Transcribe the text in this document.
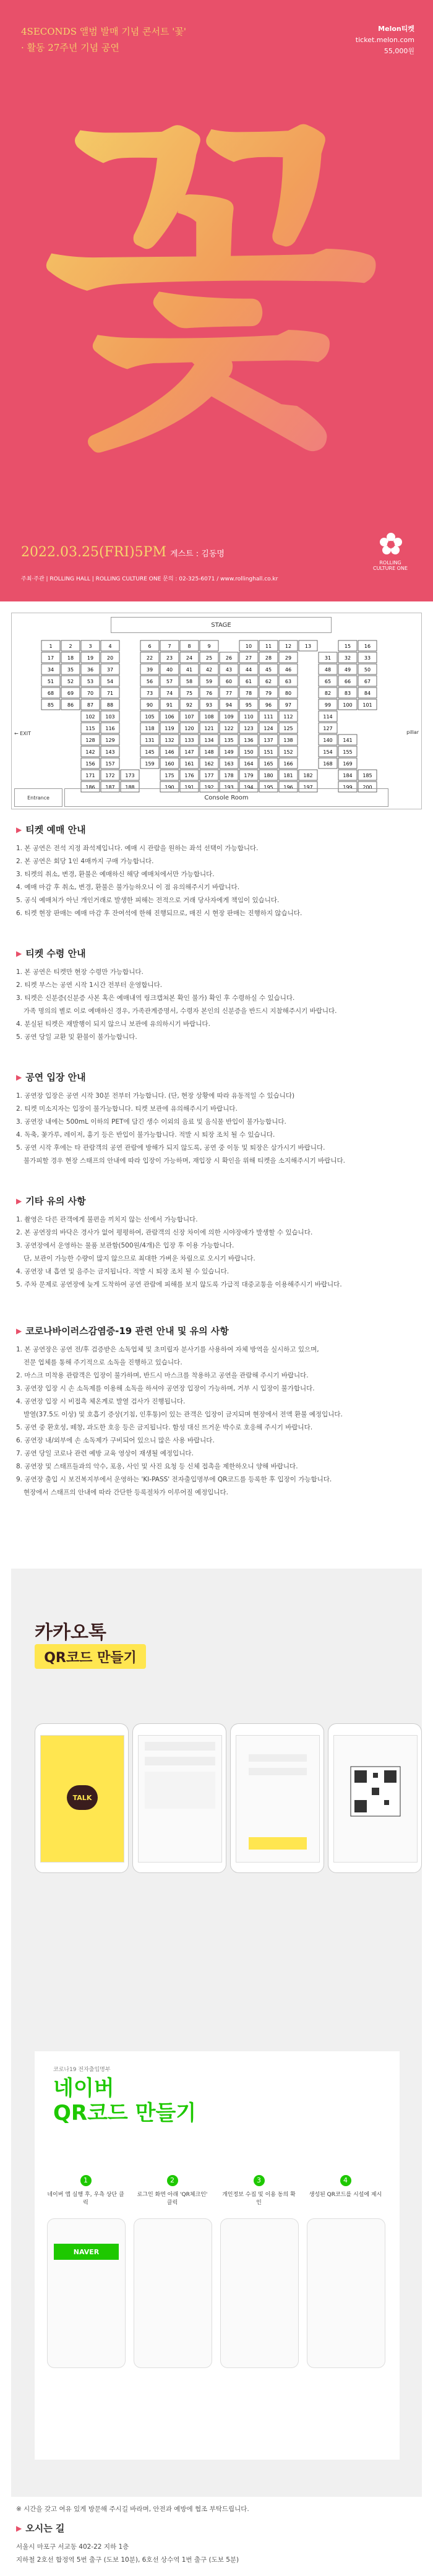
4SECONDS 앨범 발매 기념 콘서트 '꽃'
· 활동 27주년 기념 공연
Melon티켓
ticket.melon.com
55,000원
꽃
2022.03.25(FRI)5PM 게스트 : 김동명
주최·주관 | ROLLING HALL | ROLLING CULTURE ONE 문의 : 02-325-6071 / www.rollinghall.co.kr
ROLLING CULTURE ONE
STAGE
1	2	3	4	6	7	8	9	10	11	12	13	15	16
17	18	19	20	22	23	24	25	26	27	28	29	31	32	33
34	35	36	37	39	40	41	42	43	44	45	46	48	49	50
51	52	53	54	56	57	58	59	60	61	62	63	65	66	67
68	69	70	71	73	74	75	76	77	78	79	80	82	83	84
85	86	87	88	90	91	92	93	94	95	96	97	99 100 101
102 103	105 106 107 108 109 110 111 112	114
115 116	118 119 120 121 122 123 124 125	127
128 129	131 132 133 134 135 136 137 138	140 141
142 143	145 146 147 148 149 150 151 152	154 155
156 157	159 160 161 162 163 164 165 166	168 169
171 172 173	175 176 177 178 179 180 181 182	184 185
186 187 188	190 191 192 193 194 195 196 197	199 200
← EXIT	pillar
Entrance	Console Room
▶ 티켓 예매 안내

1. 본 공연은 전석 지정 좌석제입니다. 예매 시 관람을 원하는 좌석 선택이 가능합니다.

2. 본 공연은 회당 1인 4매까지 구매 가능합니다.

3. 티켓의 취소, 변경, 환불은 예매하신 해당 예매처에서만 가능합니다.

4. 예매 마감 후 취소, 변경, 환불은 불가능하오니 이 점 유의해주시기 바랍니다.

5. 공식 예매처가 아닌 개인거래로 발생한 피해는 전적으로 거래 당사자에게 책임이 있습니다.

6. 티켓 현장 판매는 예매 마감 후 잔여석에 한해 진행되므로, 매진 시 현장 판매는 진행하지 않습니다.

▶ 티켓 수령 안내

1. 본 공연은 티켓만 현장 수령만 가능합니다.

2. 티켓 부스는 공연 시작 1시간 전부터 운영합니다.

3. 티켓은 신분증(신분증 사본 혹은 예매내역 링크캡쳐본 확인 불가) 확인 후 수령하실 수 있습니다.

가족 명의의 별로 이로 예매하신 경우, 가족관계증명서, 수령자 본인의 신분증을 반드시 지참해주시기 바랍니다.

4. 분실된 티켓은 재발행이 되지 않으니 보관에 유의하시기 바랍니다.

5. 공연 당일 교환 및 환불이 불가능합니다.

▶ 공연 입장 안내

1. 공연장 입장은 공연 시작 30분 전부터 가능합니다. (단, 현장 상황에 따라 유동적일 수 있습니다)

2. 티켓 미소지자는 입장이 불가능합니다. 티켓 보관에 유의해주시기 바랍니다.

3. 공연장 내에는 500mL 이하의 PET에 담긴 생수 이외의 음료 및 음식물 반입이 불가능합니다.

4. 독축, 꽃가루, 레이저, 흉기 등은 반입이 불가능합니다. 적발 시 퇴장 조치 될 수 있습니다.

5. 공연 시작 후에는 타 관람객의 공연 관람에 방해가 되지 않도록, 공연 중 이동 및 퇴장은 삼가시기 바랍니다.

불가피할 경우 현장 스태프의 안내에 따라 입장이 가능하며, 재입장 시 확인을 위해 티켓을 소지해주시기 바랍니다.

▶ 기타 유의 사항

1. 촬영은 다른 관객에게 불편을 끼치지 않는 선에서 가능합니다.

2. 본 공연장의 바닥은 경사가 없어 평평하여, 관람객의 신장 차이에 의한 시야장애가 발생할 수 있습니다.

3. 공연장에서 운영하는 물품 보관함(500원/4개)은 입장 후 이용 가능합니다.

단, 보관이 가능한 수량이 많지 않으므로 최대한 가벼운 차림으로 오시기 바랍니다.

4. 공연장 내 흡연 및 음주는 금지됩니다. 적발 시 퇴장 조치 될 수 있습니다.

5. 주차 문제로 공연장에 늦게 도착하여 공연 관람에 피해를 보지 않도록 가급적 대중교통을 이용해주시기 바랍니다.

▶ 코로나바이러스감염증-19 관련 안내 및 유의 사항

1. 본 공연장은 공연 전/후 검증받은 소독업체 및 초미립자 분사기를 사용하여 자체 방역을 실시하고 있으며,

전문 업체를 통해 주기적으로 소독을 진행하고 있습니다.

2. 마스크 미착용 관람객은 입장이 불가하며, 반드시 마스크를 착용하고 공연을 관람해 주시기 바랍니다.

3. 공연장 입장 시 손 소독제를 이용해 소독을 하셔야 공연장 입장이 가능하며, 거부 시 입장이 불가합니다.

4. 공연장 입장 시 비접촉 체온계로 발열 검사가 진행됩니다.

발열(37.5도 이상) 및 호흡기 증상(기침, 인후통)이 있는 관객은 입장이 금지되며 현장에서 전액 환불 예정입니다.

5. 공연 중 환호성, 떼창, 과도한 호응 등은 금지됩니다. 함성 대신 뜨거운 박수로 호응해 주시기 바랍니다.

6. 공연장 내/외부에 손 소독제가 구비되어 있으니 많은 사용 바랍니다.

7. 공연 당일 코로나 관련 예방 교육 영상이 재생될 예정입니다.

8. 공연장 및 스태프들과의 악수, 포옹, 사인 및 사진 요청 등 신체 접촉을 제한하오니 양해 바랍니다.

9. 공연장 출입 시 보건복지부에서 운영하는 'KI-PASS' 전자출입명부에 QR코드를 등록한 후 입장이 가능합니다.

현장에서 스태프의 안내에 따라 간단한 등록절차가 이루어질 예정입니다.

카카오톡
QR코드 만들기
TALK
코로나19 전자출입명부
네이버
QR코드 만들기
1
네이버 앱 실행 후, 우측 상단 클릭
2
로그인 화면 아래 'QR체크인' 클릭
3
개인정보 수집 및 이용 동의 확인
4
생성된 QR코드를 시설에 제시
NAVER
※ 시간을 갖고 여유 있게 방문해 주시길 바라며, 안전과 예방에 협조 부탁드립니다.
▶ 오시는 길

서울시 마포구 서교동 402-22 지하 1층

지하철 2호선 합정역 5번 출구 (도보 10분), 6호선 상수역 1번 출구 (도보 5분)
